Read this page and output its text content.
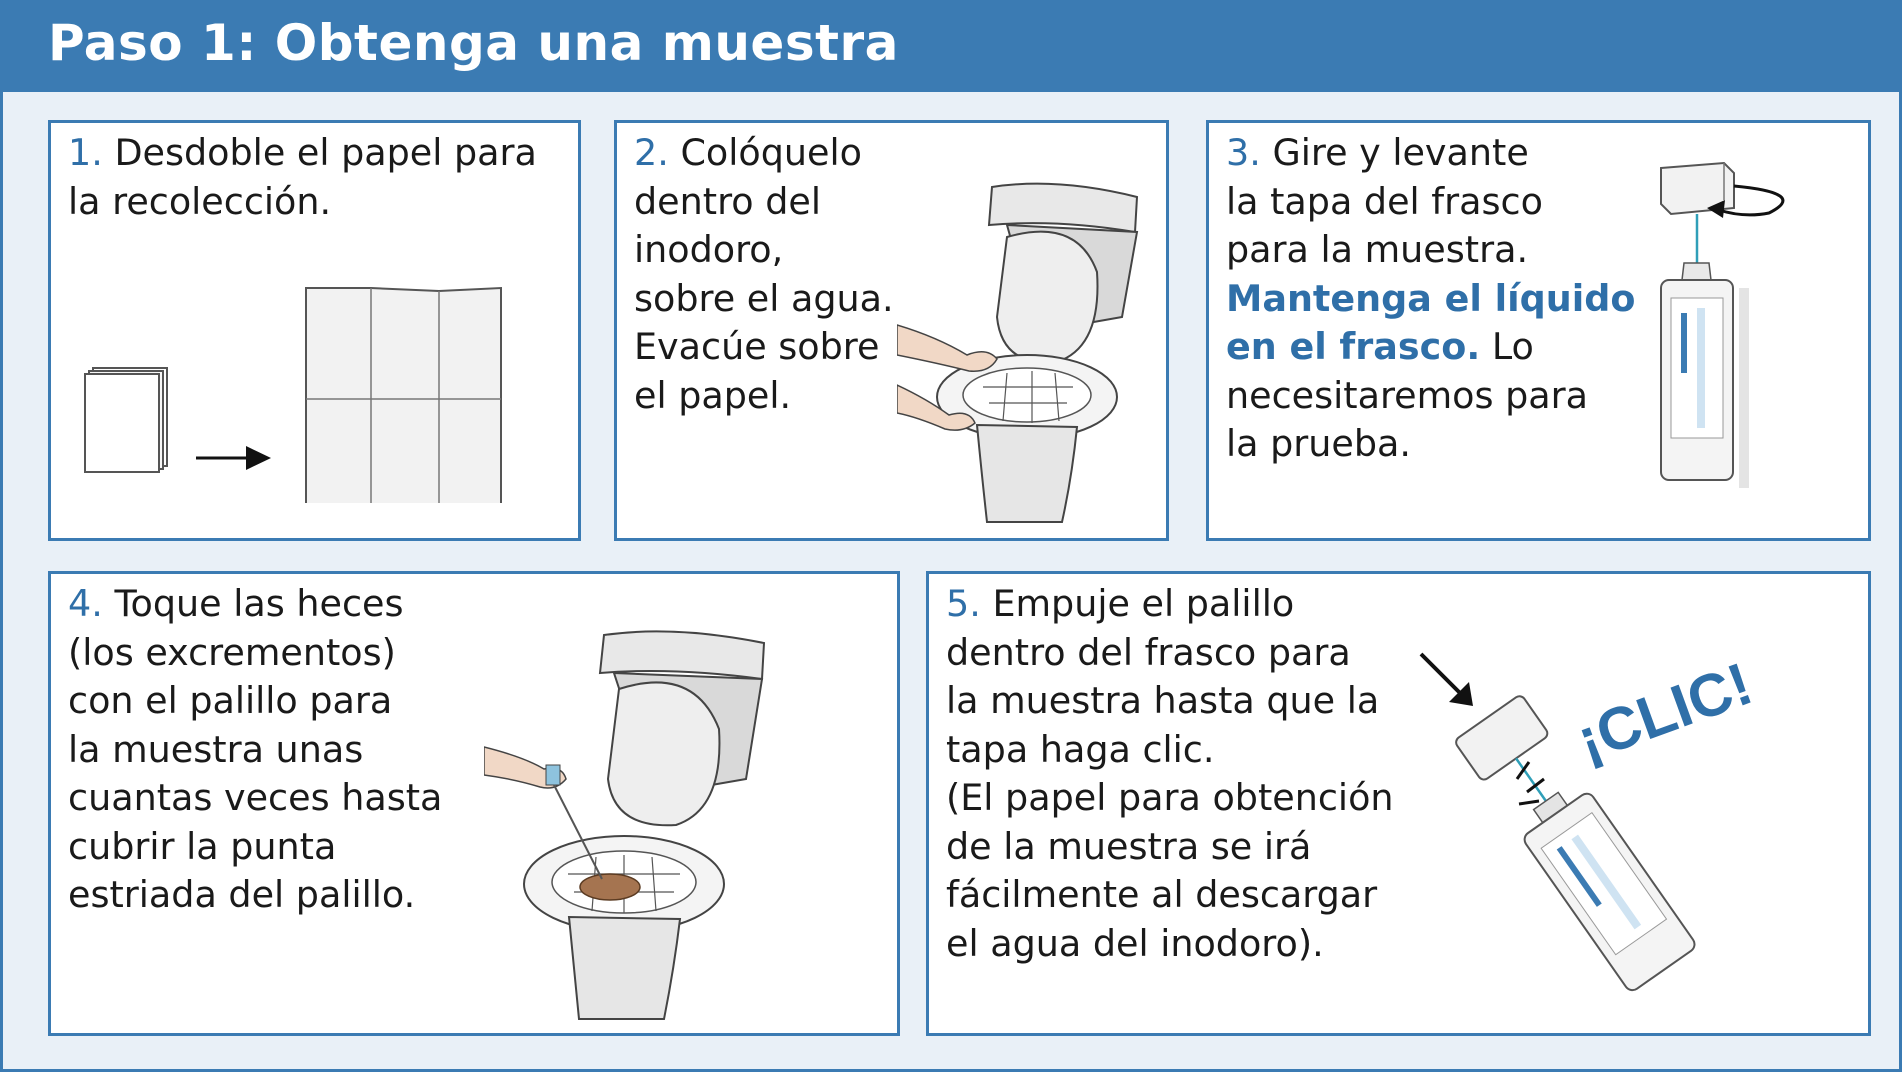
Paso 1: Obtenga una muestra
1. Desdoble el papel para
la recolección.
2. Colóquelo
dentro del
inodoro,
sobre el agua.
Evacúe sobre
el papel.
3. Gire y levante
la tapa del frasco
para la muestra.
Mantenga el líquido
en el frasco. Lo
necesitaremos para
la prueba.
4. Toque las heces
(los excrementos)
con el palillo para
la muestra unas
cuantas veces hasta
cubrir la punta
estriada del palillo.
5. Empuje el palillo
dentro del frasco para
la muestra hasta que la
tapa haga clic.
(El papel para obtención
de la muestra se irá
fácilmente al descargar
el agua del inodoro).
¡CLIC!
